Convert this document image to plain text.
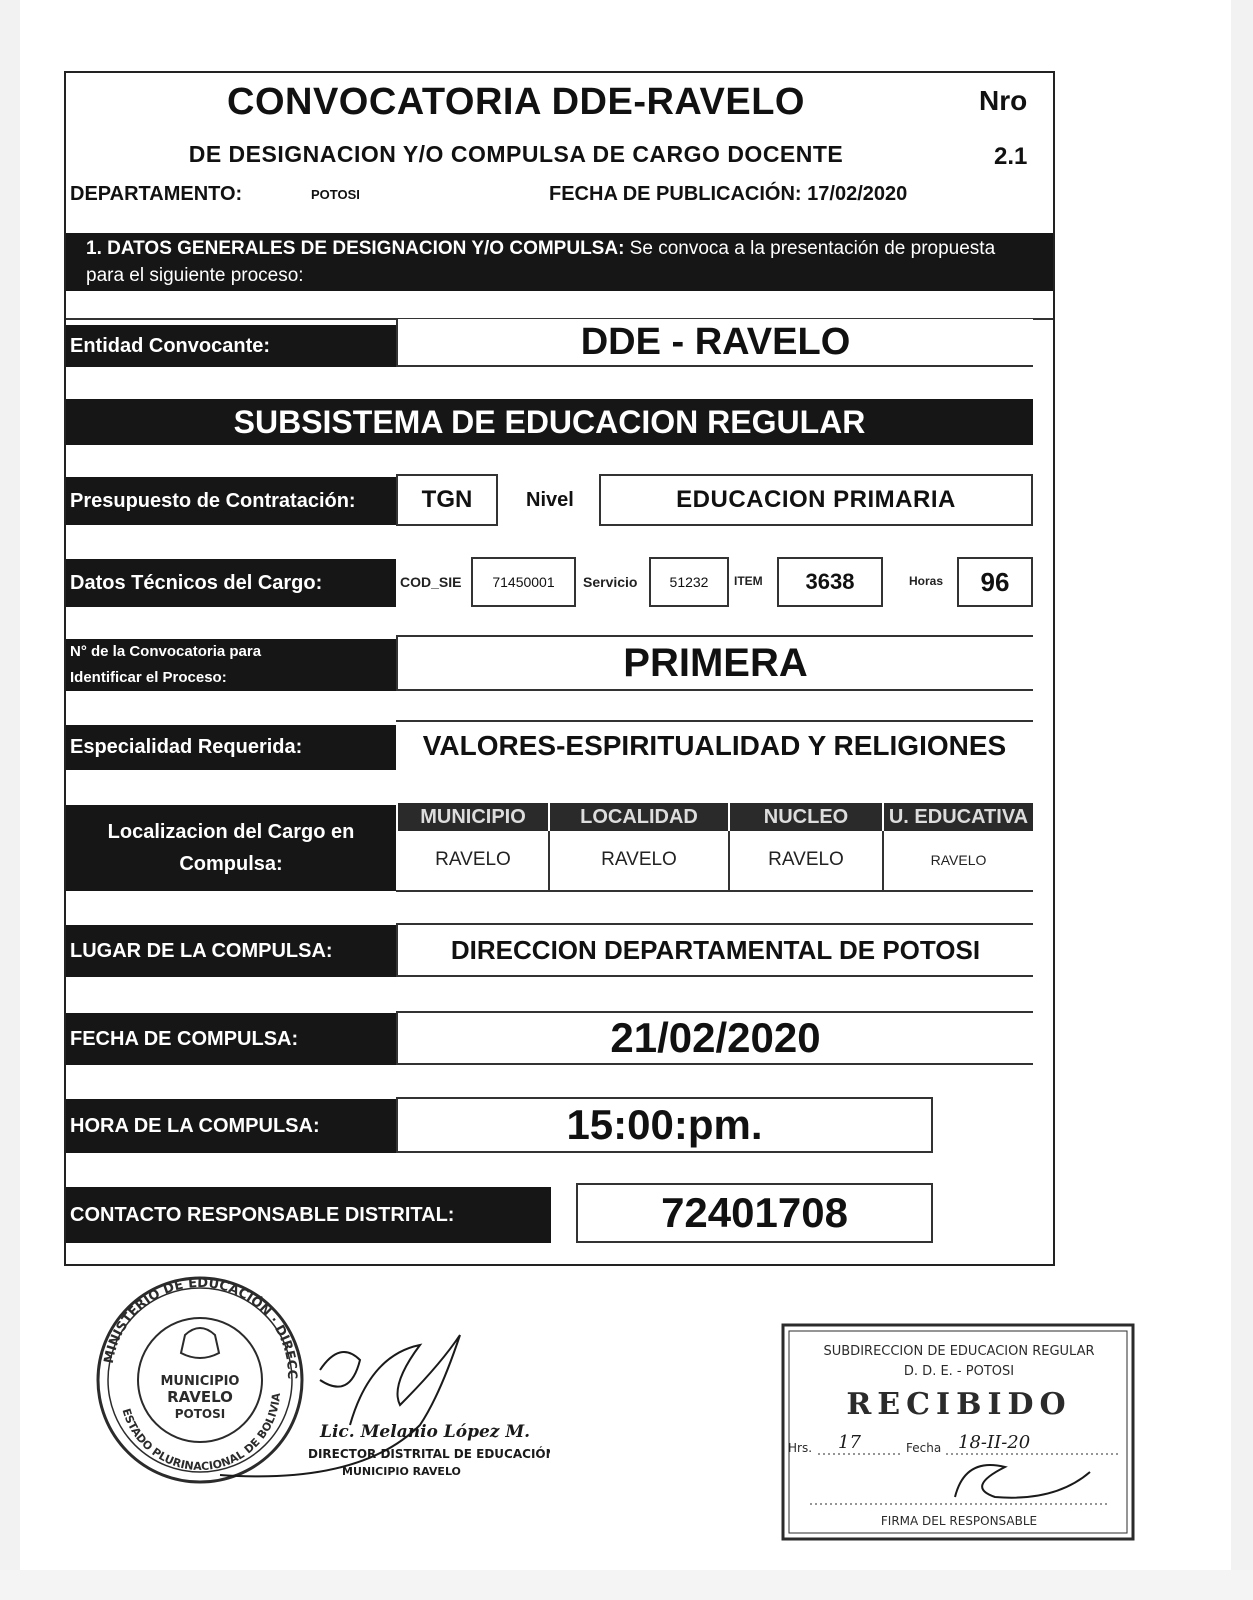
CONVOCATORIA DDE-RAVELO	Nro
DE DESIGNACION Y/O COMPULSA DE CARGO DOCENTE	2.1
DEPARTAMENTO:	POTOSI	FECHA DE PUBLICACIÓN: 17/02/2020
1. DATOS GENERALES DE DESIGNACION Y/O COMPULSA: Se convoca a la presentación de propuesta para el siguiente proceso:
Entidad Convocante:	DDE - RAVELO
SUBSISTEMA DE EDUCACION REGULAR
Presupuesto de Contratación:	TGN	Nivel	EDUCACION PRIMARIA
Datos Técnicos del Cargo:	COD_SIE	71450001	Servicio	51232	ITEM	3638	Horas	96
N° de la Convocatoria para
Identificar el Proceso:	PRIMERA
Especialidad Requerida:	VALORES-ESPIRITUALIDAD Y RELIGIONES
Localizacion del Cargo en
Compulsa:
MUNICIPIO	LOCALIDAD	NUCLEO	U. EDUCATIVA
RAVELO	RAVELO	RAVELO	RAVELO
LUGAR DE LA COMPULSA:	DIRECCION DEPARTAMENTAL DE POTOSI
FECHA DE COMPULSA:	21/02/2020
HORA DE LA COMPULSA:	15:00:pm.
CONTACTO RESPONSABLE DISTRITAL:	72401708
MINISTERIO DE EDUCACIÓN · DIRECC
ESTADO PLURINACIONAL DE BOLIVIA
MUNICIPIO
RAVELO
POTOSI
Lic. Melanio López M.
DIRECTOR DISTRITAL DE EDUCACIÓN
MUNICIPIO RAVELO
SUBDIRECCION DE EDUCACION REGULAR
D. D. E. - POTOSI
RECIBIDO
Hrs. 17	Fecha 18-II-20
FIRMA DEL RESPONSABLE
